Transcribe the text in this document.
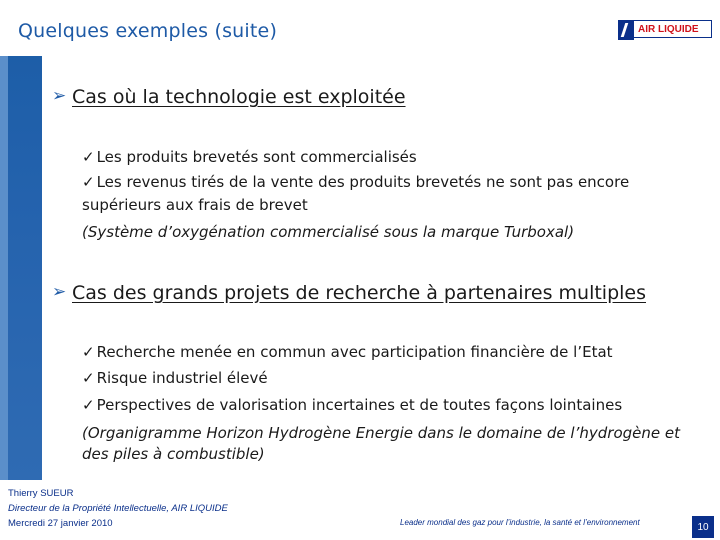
Quelques exemples (suite)	AIR LIQUIDE
➢ Cas où la technologie est exploitée
✓ Les produits brevetés sont commercialisés
✓ Les revenus tirés de la vente des produits brevetés ne sont pas encore
supérieurs aux frais de brevet
(Système d’oxygénation commercialisé sous la marque Turboxal)
➢ Cas des grands projets de recherche à partenaires multiples
✓ Recherche menée en commun avec participation financière de l’Etat
✓ Risque industriel élevé
✓ Perspectives de valorisation incertaines et de toutes façons lointaines
(Organigramme Horizon Hydrogène Energie dans le domaine de l’hydrogène et
des piles à combustible)
Thierry SUEUR
Directeur de la Propriété Intellectuelle, AIR LIQUIDE
Mercredi 27 janvier 2010	Leader mondial des gaz pour l’industrie, la santé et l’environnement	10
